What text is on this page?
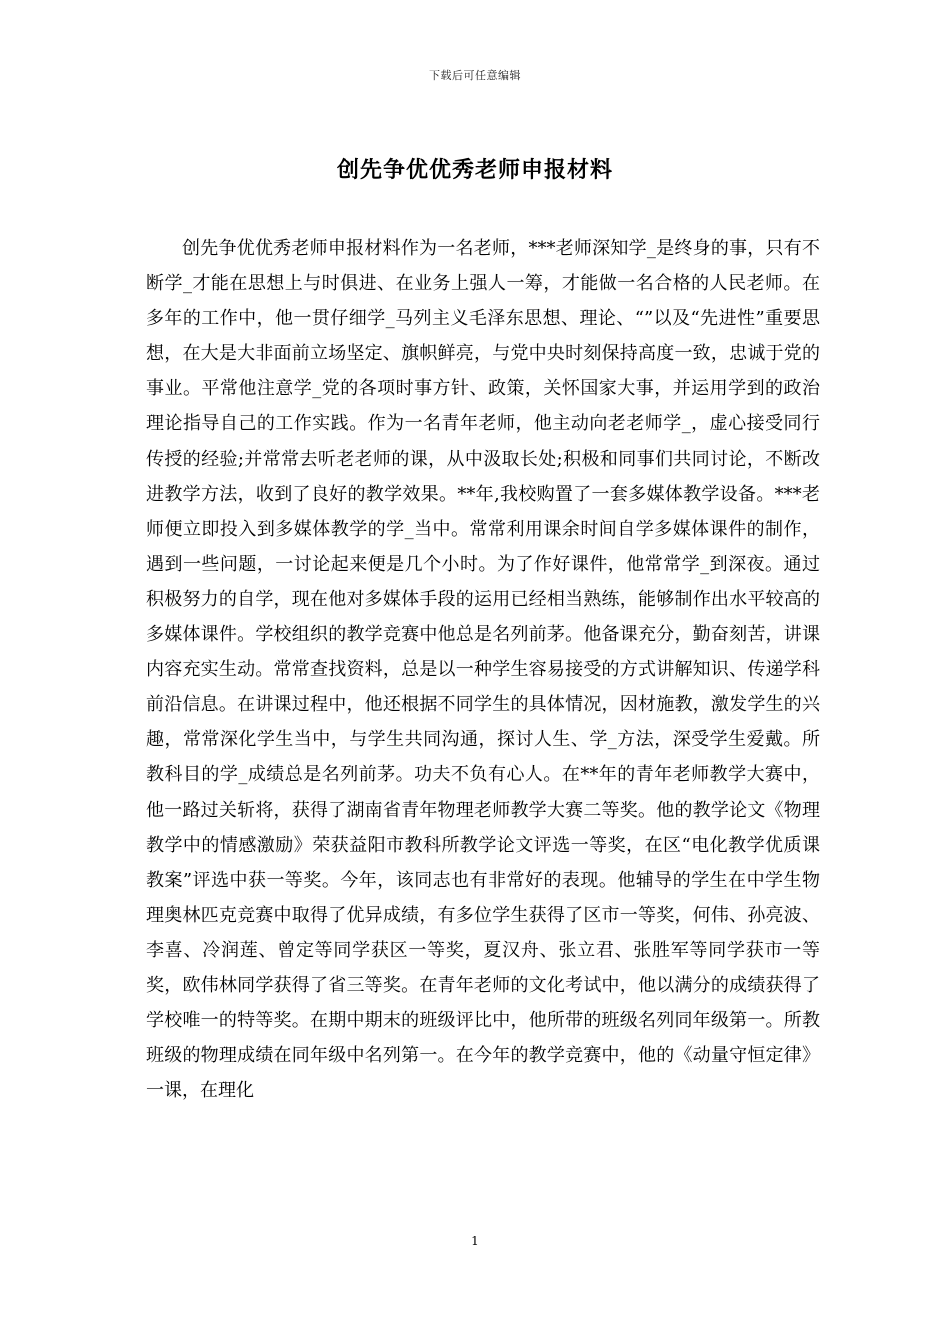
下载后可任意编辑
创先争优优秀老师申报材料

创先争优优秀老师申报材料作为一名老师，***老师深知学_是终身的事，只有不断学_才能在思想上与时俱进、在业务上强人一筹，才能做一名合格的人民老师。在多年的工作中，他一贯仔细学_马列主义毛泽东思想、理论、“”以及“先进性”重要思想，在大是大非面前立场坚定、旗帜鲜亮，与党中央时刻保持高度一致，忠诚于党的事业。平常他注意学_党的各项时事方针、政策，关怀国家大事，并运用学到的政治理论指导自己的工作实践。作为一名青年老师，他主动向老老师学_，虚心接受同行传授的经验;并常常去听老老师的课，从中汲取长处;积极和同事们共同讨论，不断改进教学方法，收到了良好的教学效果。**年,我校购置了一套多媒体教学设备。***老师便立即投入到多媒体教学的学_当中。常常利用课余时间自学多媒体课件的制作，遇到一些问题，一讨论起来便是几个小时。为了作好课件，他常常学_到深夜。通过积极努力的自学，现在他对多媒体手段的运用已经相当熟练，能够制作出水平较高的多媒体课件。学校组织的教学竞赛中他总是名列前茅。他备课充分，勤奋刻苦，讲课内容充实生动。常常查找资料，总是以一种学生容易接受的方式讲解知识、传递学科前沿信息。在讲课过程中，他还根据不同学生的具体情况，因材施教，激发学生的兴趣，常常深化学生当中，与学生共同沟通，探讨人生、学_方法，深受学生爱戴。所教科目的学_成绩总是名列前茅。功夫不负有心人。在**年的青年老师教学大赛中，他一路过关斩将，获得了湖南省青年物理老师教学大赛二等奖。他的教学论文《物理教学中的情感激励》荣获益阳市教科所教学论文评选一等奖，在区“电化教学优质课教案”评选中获一等奖。今年，该同志也有非常好的表现。他辅导的学生在中学生物理奥林匹克竞赛中取得了优异成绩，有多位学生获得了区市一等奖，何伟、孙亮波、李喜、冷润莲、曾定等同学获区一等奖，夏汉舟、张立君、张胜军等同学获市一等奖，欧伟林同学获得了省三等奖。在青年老师的文化考试中，他以满分的成绩获得了学校唯一的特等奖。在期中期末的班级评比中，他所带的班级名列同年级第一。所教班级的物理成绩在同年级中名列第一。在今年的教学竞赛中，他的《动量守恒定律》一课，在理化

1
